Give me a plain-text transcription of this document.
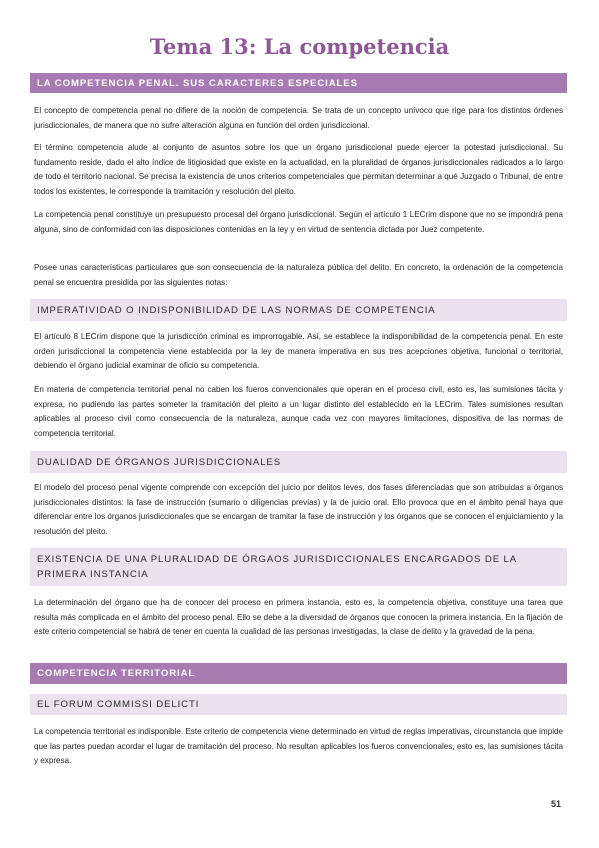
Tema 13: La competencia
LA COMPETENCIA PENAL. SUS CARACTERES ESPECIALES

El concepto de competencia penal no difiere de la noción de competencia. Se trata de un concepto unívoco que rige para los distintos órdenes jurisdiccionales, de manera que no sufre alteración alguna en función del orden jurisdiccional.

El término competencia alude al conjunto de asuntos sobre los que un órgano jurisdiccional puede ejercer la potestad jurisdiccional. Su fundamento reside, dado el alto índice de litigiosidad que existe en la actualidad, en la pluralidad de órganos jurisdiccionales radicados a lo largo de todo el territorio nacional. Se precisa la existencia de unos criterios competenciales que permitan determinar a qué Juzgado o Tribunal, de entre todos los existentes, le corresponde la tramitación y resolución del pleito.

La competencia penal constituye un presupuesto procesal del órgano jurisdiccional. Según el artículo 1 LECrim dispone que no se impondrá pena alguna, sino de conformidad con las disposiciones contenidas en la ley y en virtud de sentencia dictada por Juez competente.

Posee unas características particulares que son consecuencia de la naturaleza pública del delito. En concreto, la ordenación de la competencia penal se encuentra presidida por las siguientes notas:

IMPERATIVIDAD O INDISPONIBILIDAD DE LAS NORMAS DE COMPETENCIA

El artículo 8 LECrim dispone que la jurisdicción criminal es improrrogable. Así, se establece la indisponibilidad de la competencia penal. En este orden jurisdiccional la competencia viene establecida por la ley de manera imperativa en sus tres acepciones objetiva, funcional o territorial, debiendo el órgano judicial examinar de oficio su competencia.

En materia de competencia territorial penal no caben los fueros convencionales que operan en el proceso civil, esto es, las sumisiones tácita y expresa, no pudiendo las partes someter la tramitación del pleito a un lugar distinto del establecido en la LECrim. Tales sumisiones resultan aplicables al proceso civil como consecuencia de la naturaleza, aunque cada vez con mayores limitaciones, dispositiva de las normas de competencia territorial.

DUALIDAD DE ÓRGANOS JURISDICCIONALES

El modelo del proceso penal vigente comprende con excepción del juicio por delitos leves, dos fases diferenciadas que son atribuidas a órganos jurisdiccionales distintos: la fase de instrucción (sumario o diligencias previas) y la de juicio oral. Ello provoca que en el ámbito penal haya que diferenciar entre los órganos jurisdiccionales que se encargan de tramitar la fase de instrucción y los órganos que se conocen el enjuiciamiento y la resolución del pleito.

EXISTENCIA DE UNA PLURALIDAD DE ÓRGAOS JURISDICCIONALES ENCARGADOS DE LA PRIMERA INSTANCIA

La determinación del órgano que ha de conocer del proceso en primera instancia, esto es, la competencia objetiva, constituye una tarea que resulta más complicada en el ámbito del proceso penal. Ello se debe a la diversidad de órganos que conocen la primera instancia. En la fijación de este criterio competencial se habrá de tener en cuenta la cualidad de las personas investigadas, la clase de delito y la gravedad de la pena.

COMPETENCIA TERRITORIAL
EL FORUM COMMISSI DELICTI

La competencia territorial es indisponible. Este criterio de competencia viene determinado en virtud de reglas imperativas, circunstancia que impide que las partes puedan acordar el lugar de tramitación del proceso. No resultan aplicables los fueros convencionales, esto es, las sumisiones tácita y expresa.

51
